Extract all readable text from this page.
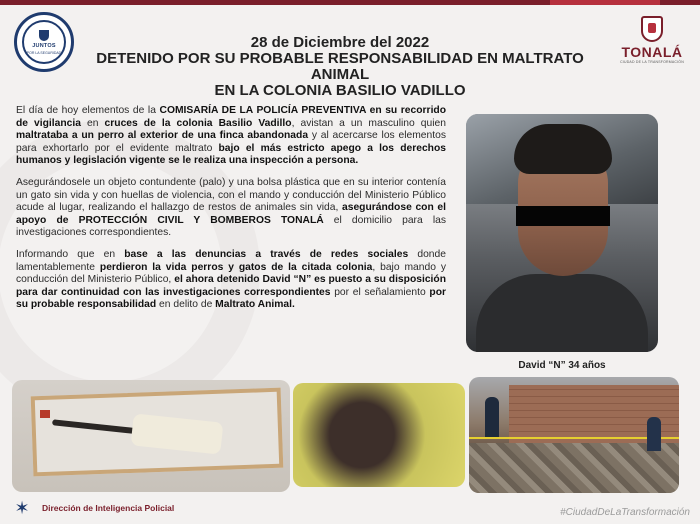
JUNTOS
POR LA SEGURIDAD
28 de Diciembre del 2022
DETENIDO POR SU PROBABLE RESPONSABILIDAD EN MALTRATO ANIMAL
EN LA COLONIA BASILIO VADILLO
TONALÁ
CIUDAD DE LA TRANSFORMACIÓN

El día de hoy elementos de la COMISARÍA DE LA POLICÍA PREVENTIVA en su recorrido de vigilancia en cruces de la colonia Basilio Vadillo, avistan a un masculino quien maltrataba a un perro al exterior de una finca abandonada y al acercarse los elementos para exhortarlo por el evidente maltrato bajo el más estricto apego a los derechos humanos y legislación vigente se le realiza una inspección a persona.

Asegurándosele un objeto contundente (palo) y una bolsa plástica que en su interior contenía un gato sin vida y con huellas de violencia, con el mando y conducción del Ministerio Público acude al lugar, realizando el hallazgo de restos de animales sin vida, asegurándose con el apoyo de PROTECCIÓN CIVIL Y BOMBEROS TONALÁ el domicilio para las investigaciones correspondientes.

Informando que en base a las denuncias a través de redes sociales donde lamentablemente perdieron la vida perros y gatos de la citada colonia, bajo mando y conducción del Ministerio Público, el ahora detenido David “N” es puesto a su disposición para dar continuidad con las investigaciones correspondientes por el señalamiento por su probable responsabilidad en delito de Maltrato Animal.

David “N” 34 años
✶ Dirección de Inteligencia Policial	#CiudadDeLaTransformación
